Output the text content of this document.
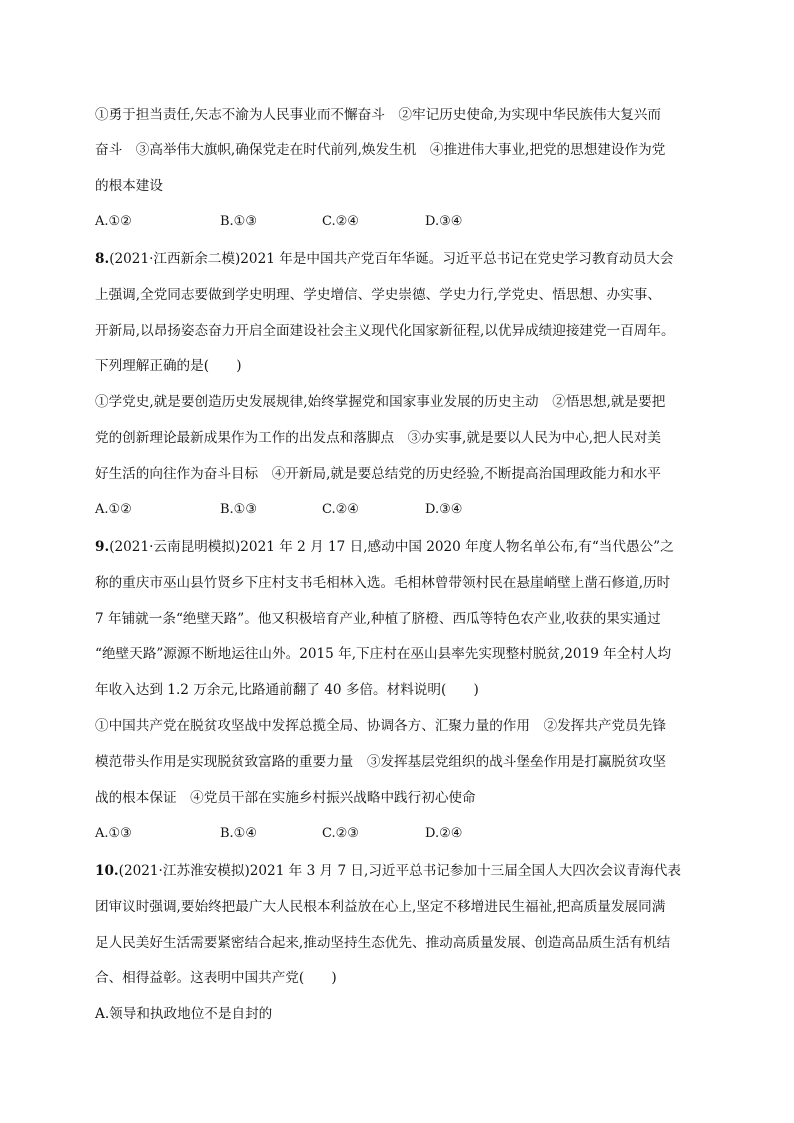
①勇于担当责任,矢志不渝为人民事业而不懈奋斗　②牢记历史使命,为实现中华民族伟大复兴而
奋斗　③高举伟大旗帜,确保党走在时代前列,焕发生机　④推进伟大事业,把党的思想建设作为党
的根本建设
A.①②	B.①③	C.②④	D.③④
8.(2021·江西新余二模)2021 年是中国共产党百年华诞。习近平总书记在党史学习教育动员大会
上强调,全党同志要做到学史明理、学史增信、学史崇德、学史力行,学党史、悟思想、办实事、
开新局,以昂扬姿态奋力开启全面建设社会主义现代化国家新征程,以优异成绩迎接建党一百周年。
下列理解正确的是(　　)
①学党史,就是要创造历史发展规律,始终掌握党和国家事业发展的历史主动　②悟思想,就是要把
党的创新理论最新成果作为工作的出发点和落脚点　③办实事,就是要以人民为中心,把人民对美
好生活的向往作为奋斗目标　④开新局,就是要总结党的历史经验,不断提高治国理政能力和水平
A.①②	B.①③	C.②④	D.③④
9.(2021·云南昆明模拟)2021 年 2 月 17 日,感动中国 2020 年度人物名单公布,有“当代愚公”之
称的重庆市巫山县竹贤乡下庄村支书毛相林入选。毛相林曾带领村民在悬崖峭壁上凿石修道,历时
7 年铺就一条“绝壁天路”。他又积极培育产业,种植了脐橙、西瓜等特色农产业,收获的果实通过
“绝壁天路”源源不断地运往山外。2015 年,下庄村在巫山县率先实现整村脱贫,2019 年全村人均
年收入达到 1.2 万余元,比路通前翻了 40 多倍。材料说明(　　)
①中国共产党在脱贫攻坚战中发挥总揽全局、协调各方、汇聚力量的作用　②发挥共产党员先锋
模范带头作用是实现脱贫致富路的重要力量　③发挥基层党组织的战斗堡垒作用是打赢脱贫攻坚
战的根本保证　④党员干部在实施乡村振兴战略中践行初心使命
A.①③	B.①④	C.②③	D.②④
10.(2021·江苏淮安模拟)2021 年 3 月 7 日,习近平总书记参加十三届全国人大四次会议青海代表
团审议时强调,要始终把最广大人民根本利益放在心上,坚定不移增进民生福祉,把高质量发展同满
足人民美好生活需要紧密结合起来,推动坚持生态优先、推动高质量发展、创造高品质生活有机结
合、相得益彰。这表明中国共产党(　　)
A.领导和执政地位不是自封的
